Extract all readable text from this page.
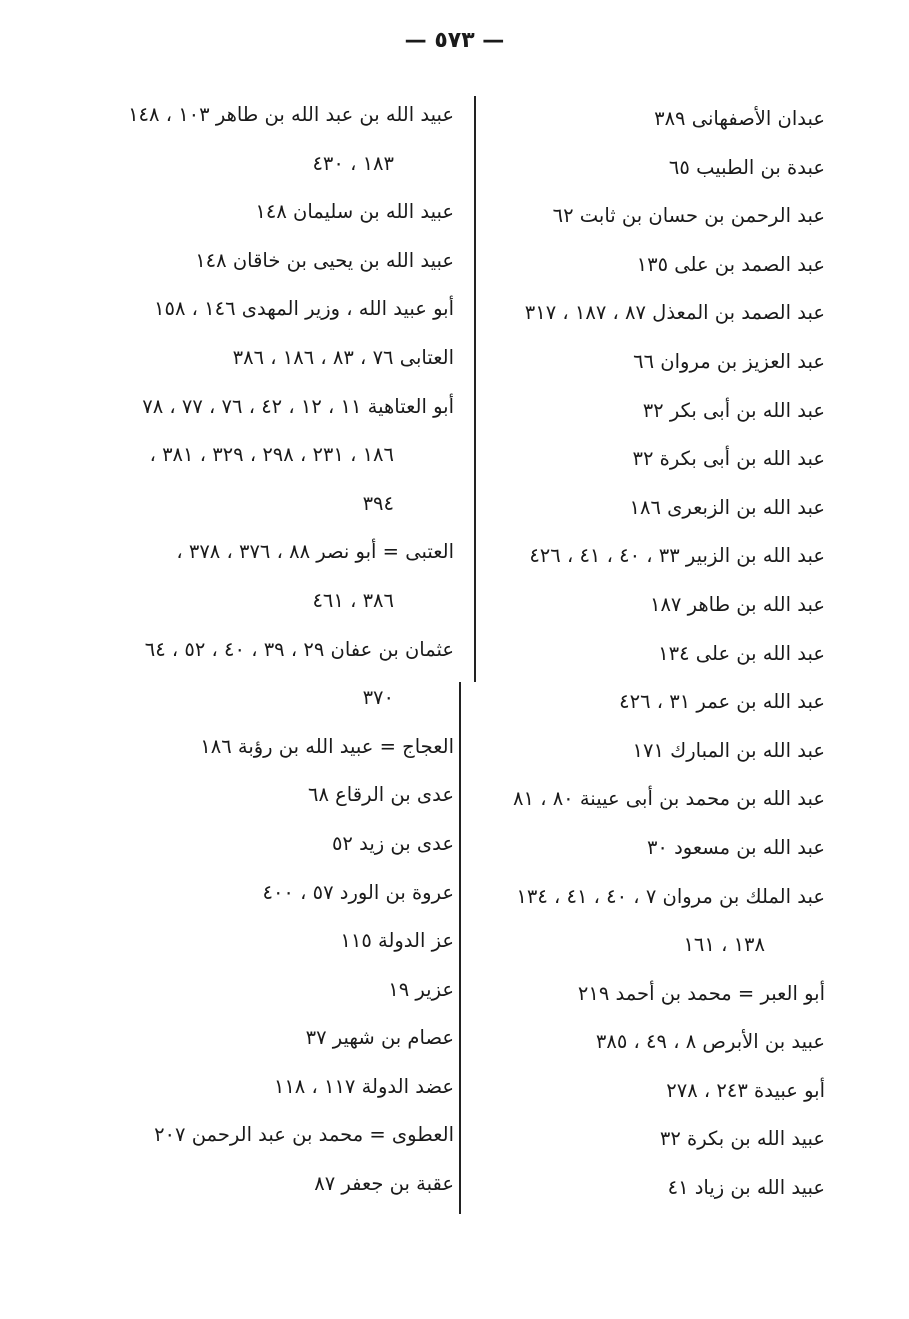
— ٥٧٣ —
عبدان الأصفهانى ٣٨٩
عبدة بن الطبيب ٦٥
عبد الرحمن بن حسان بن ثابت ٦٢
عبد الصمد بن على ١٣٥
عبد الصمد بن المعذل ٨٧ ، ١٨٧ ، ٣١٧
عبد العزيز بن مروان ٦٦
عبد الله بن أبى بكر ٣٢
عبد الله بن أبى بكرة ٣٢
عبد الله بن الزبعرى ١٨٦
عبد الله بن الزبير ٣٣ ، ٤٠ ، ٤١ ، ٤٢٦
عبد الله بن طاهر ١٨٧
عبد الله بن على ١٣٤
عبد الله بن عمر ٣١ ، ٤٢٦
عبد الله بن المبارك ١٧١
عبد الله بن محمد بن أبى عيينة ٨٠ ، ٨١
عبد الله بن مسعود ٣٠
عبد الملك بن مروان ٧ ، ٤٠ ، ٤١ ، ١٣٤
١٣٨ ، ١٦١
أبو العبر = محمد بن أحمد ٢١٩
عبيد بن الأبرص ٨ ، ٤٩ ، ٣٨٥
أبو عبيدة ٢٤٣ ، ٢٧٨
عبيد الله بن بكرة ٣٢
عبيد الله بن زياد ٤١
عبيد الله بن عبد الله بن طاهر ١٠٣ ، ١٤٨
١٨٣ ، ٤٣٠
عبيد الله بن سليمان ١٤٨
عبيد الله بن يحيى بن خاقان ١٤٨
أبو عبيد الله ، وزير المهدى ١٤٦ ، ١٥٨
العتابى ٧٦ ، ٨٣ ، ١٨٦ ، ٣٨٦
أبو العتاهية ١١ ، ١٢ ، ٤٢ ، ٧٦ ، ٧٧ ، ٧٨
١٨٦ ، ٢٣١ ، ٢٩٨ ، ٣٢٩ ، ٣٨١ ،
٣٩٤
العتبى = أبو نصر ٨٨ ، ٣٧٦ ، ٣٧٨ ،
٣٨٦ ، ٤٦١
عثمان بن عفان ٢٩ ، ٣٩ ، ٤٠ ، ٥٢ ، ٦٤
٣٧٠
العجاج = عبيد الله بن رؤبة ١٨٦
عدى بن الرقاع ٦٨
عدى بن زيد ٥٢
عروة بن الورد ٥٧ ، ٤٠٠
عز الدولة ١١٥
عزير ١٩
عصام بن شهير ٣٧
عضد الدولة ١١٧ ، ١١٨
العطوى = محمد بن عبد الرحمن ٢٠٧
عقبة بن جعفر ٨٧
